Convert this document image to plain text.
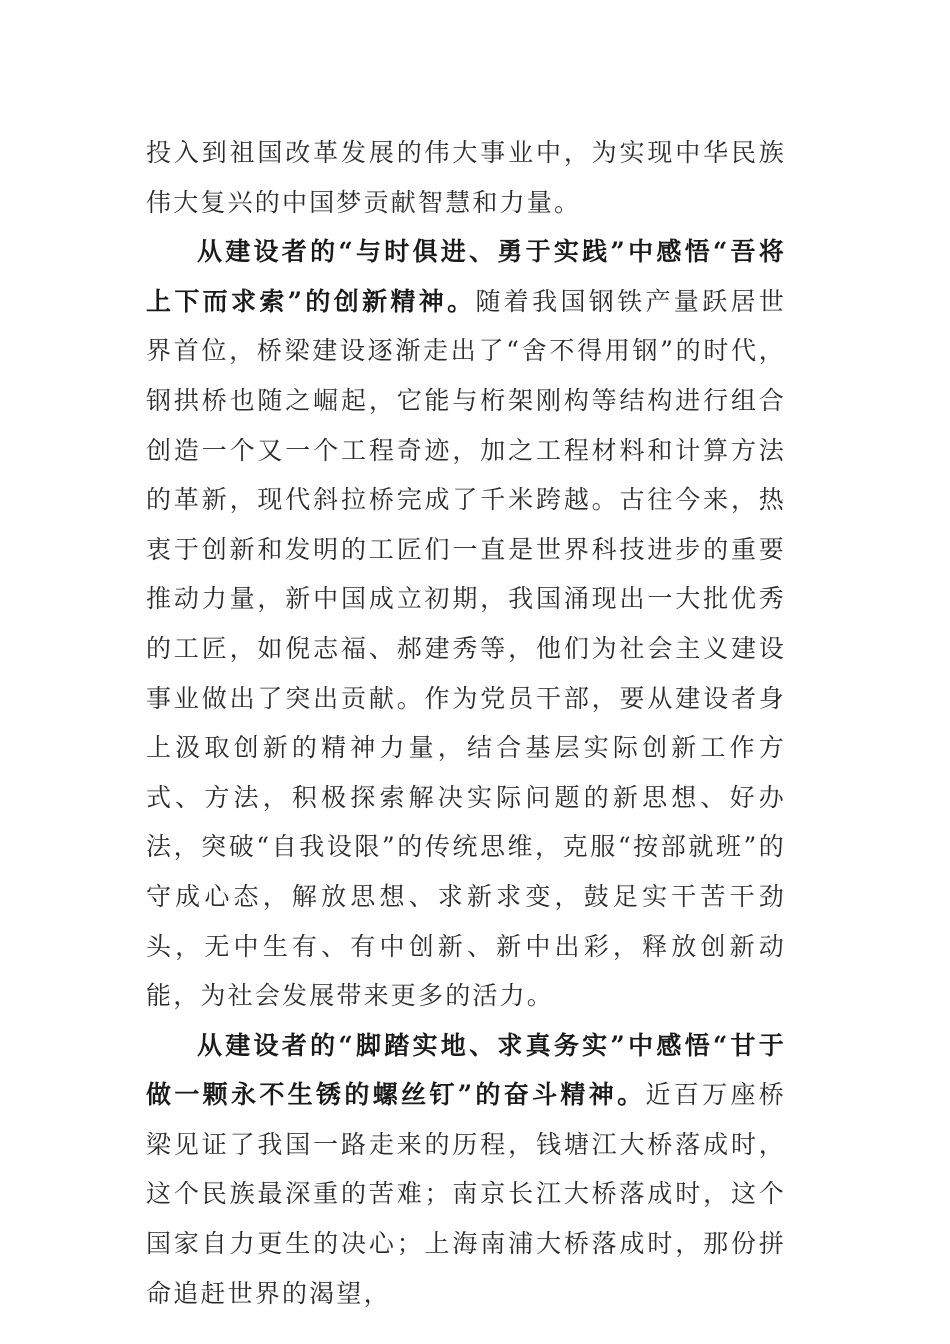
投入到祖国改革发展的伟大事业中，为实现中华民族伟大复兴的中国梦贡献智慧和力量。

从建设者的“与时俱进、勇于实践”中感悟“吾将上下而求索”的创新精神。随着我国钢铁产量跃居世界首位，桥梁建设逐渐走出了“舍不得用钢”的时代，钢拱桥也随之崛起，它能与桁架刚构等结构进行组合创造一个又一个工程奇迹，加之工程材料和计算方法的革新，现代斜拉桥完成了千米跨越。古往今来，热衷于创新和发明的工匠们一直是世界科技进步的重要推动力量，新中国成立初期，我国涌现出一大批优秀的工匠，如倪志福、郝建秀等，他们为社会主义建设事业做出了突出贡献。作为党员干部，要从建设者身上汲取创新的精神力量，结合基层实际创新工作方式、方法，积极探索解决实际问题的新思想、好办法，突破“自我设限”的传统思维，克服“按部就班”的守成心态，解放思想、求新求变，鼓足实干苦干劲头，无中生有、有中创新、新中出彩，释放创新动能，为社会发展带来更多的活力。

从建设者的“脚踏实地、求真务实”中感悟“甘于做一颗永不生锈的螺丝钉”的奋斗精神。近百万座桥梁见证了我国一路走来的历程，钱塘江大桥落成时，这个民族最深重的苦难；南京长江大桥落成时，这个国家自力更生的决心；上海南浦大桥落成时，那份拼命追赶世界的渴望，
